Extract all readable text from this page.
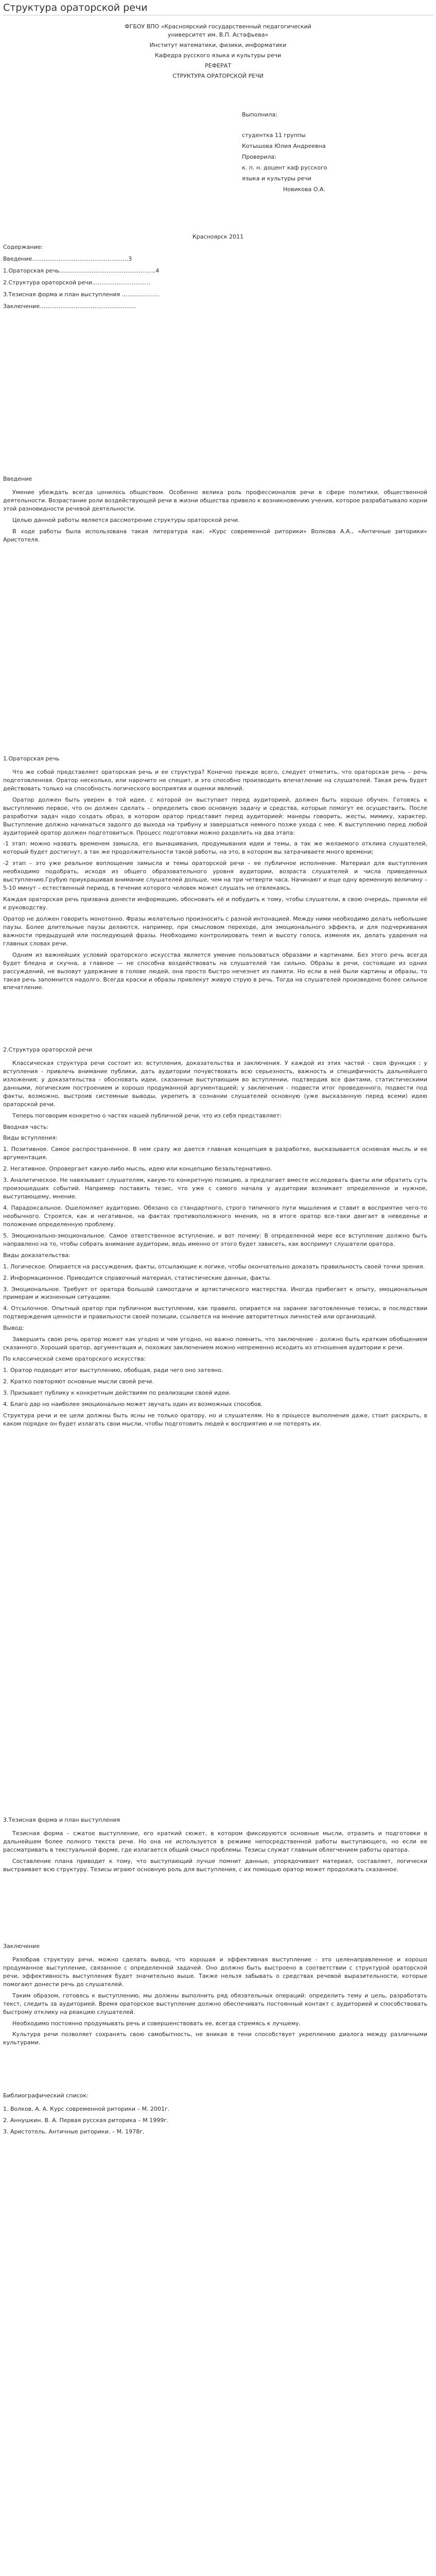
Структура ораторской речи
ФГБОУ ВПО «Красноярский государственный педагогический университет им. В.П. Астафьева»
Институт математики, физики, информатики
Кафедра русского языка и культуры речи
РЕФЕРАТ
СТРУКТУРА ОРАТОРСКОЙ РЕЧИ
Выполнила:
студентка 11 группы
Котышова Юлия Андреевна
Проверила:
к. п. н. доцент каф русского
языка и культуры речи
Новикова О.А.
Красноярск 2011
Содержание:
Введение……………………………………………3
1.Ораторская речь……………………………………………4
2.Структура ораторской речи…………………….……
3.Тезисная форма и план выступления ………………..
Заключение……………………………………………

Введение

Умение убеждать всегда ценилось обществом. Особенно велика роль профессионалов речи в сфере политики, общественной деятельности. Возрастание роли воздействующей речи в жизни общества привело к возникновению учения, которое разрабатывало корни этой разновидности речевой деятельности.

Целью данной работы является рассмотрение структуры ораторской речи.

В ходе работы была использована такая литература как: «Курс современной риторики» Волкова А.А., «Античные риторики» Аристотеля.

1.Ораторская речь

Что же собой представляет ораторская речь и ее структура? Конечно прежде всего, следует отметить, что ораторская речь – речь подготовленная. Оратор несколько, или нарочито не спешит, и это способно производить впечатление на слушателей. Такая речь будет действовать только на способность логического восприятия и оценки явлений.

Оратор должен быть уверен в той идее, с которой он выступает перед аудиторией, должен быть хорошо обучен. Готовясь к выступлению первое, что он должен сделать – определить свою основную задачу и средства, которые помогут ее осуществить. После разработки задач надо создать образ, в котором оратор представит перед аудиторией: манеры говорить, жесты, мимику, характер. Выступление должно начинаться задолго до выхода на трибуну и завершаться немного позже ухода с нее. К выступлению перед любой аудиторией оратор должен подготовиться. Процесс подготовки можно разделить на два этапа:

-1 этап: можно назвать временем замысла, его вынашивания, продумывания идеи и темы, а так же желаемого отклика слушателей, который будет достигнут, а так же продолжительности такой работы, на это, в котором вы затрачиваете много времени;

-2 этап – это уже реальное воплощение замысла и темы ораторской речи – ее публичное исполнение. Материал для выступления необходимо подобрать, исходя из общего образовательного уровня аудитории, возраста слушателей и числа приведенных выступлению.Грубую приукрашивая внимание слушателей дольше, чем на три четверти часа. Начинают и еще одну временную величину – 5-10 минут – естественный период, в течение которого человек может слушать не отвлекаясь.

Каждая ораторская речь призвана донести информацию, обосновать её и побудить к тому, чтобы слушатели, в свою очередь, приняли её к руководству.

Оратор не должен говорить монотонно. Фразы желательно произносить с разной интонацией. Между ними необходимо делать небольшие паузы. Более длительные паузы делаются, например, при смысловом переходе, для эмоционального эффекта, и для подчеркивания важности предыдущей или последующей фразы. Необходимо контролировать темп и высоту голоса, изменяя их, делать ударения на главных словах речи.

Одним из важнейших условий ораторского искусства является умение пользоваться образами и картинами. Без этого речь всегда будет бледна и скучна, а главное — не способна воздействовать на слушателей так сильно. Образы в речи, состоящие из одних рассуждений, не вызовут удержание в голове людей, она просто быстро нечезнет из памяти. Но если в ней были картины и образы, то такая речь запомнится надолго. Всегда краски и образы привлекут живую струю в речь. Тогда на слушателей произведено более сильное впечатление.

2.Структура ораторской речи

Классическая структура речи состоит из: вступления, доказательства и заключения. У каждой из этих частей - своя функция : у вступления - привлечь внимание публики, дать аудитории почувствовать всю серьезность, важность и специфичность дальнейшего изложения; у доказательства - обосновать идеи, сказанные выступающим во вступлении, подтвердив все фактами, статистическими данными, логическим построением и хорошо продуманной аргументацией; у заключения - подвести итог проведенного, подвести под факты, возможно, выстроив системные выводы, укрепить в сознании слушателей основную (уже высказанную перед всеми) идею ораторской речи.

Теперь поговорим конкретно о частях нашей публичной речи, что из себя представляет:

Вводная часть:

Виды вступления:

1. Позитивное. Самое распространенное. В нем сразу же дается главная концепция в разработке, высказывается основная мысль и ее аргументация.

2. Негативное. Опровергает какую-либо мысль, идею или концепцию безальтернативно.

3. Аналитическое. Не навязывает слушателям, какую-то конкретную позицию, а предлагает вместе исследовать факты или обратить суть произошедших событий. Например поставить тезис, что уже с самого начала у аудитории возникает определенное и нужное, выступающему, мнение.

4. Парадоксальное. Ошеломляет аудиторию. Обязано со стандартного, строго типичного пути мышления и ставит в восприятие чего-то необычного. Строятся, как и негативное, на фактах противоположного мнения, но в итоге оратор все-таки двигает в неведенье и положение определенную проблему.

5. Эмоционально-эмоциональное. Самое ответственное вступление, и вот почему: В определенной мере все вступление должно быть направлено на то, чтобы собрать внимание аудитории, ведь именно от этого будет зависеть, как воспримут слушатели оратора.

Виды доказательства:

1. Логическое. Опирается на рассуждения, факты, отсылающие к логике, чтобы окончательно доказать правильность своей точки зрения.

2. Информационное. Приводится справочный материал, статистические данные, факты.

3. Эмоциональное. Требует от оратора большой самоотдачи и артистического мастерства. Иногда прибегает к опыту, эмоциональным примерам и жизненным ситуациям.

4. Отсылочное. Опытный оратор при публичном выступлении, как правило, опирается на заранее заготовленные тезисы, в последствии подтверждения ценности и правильности своей позиции, ссылается на мнение авторитетных личностей или организаций.

Вывод:

Завершить свою речь оратор может как угодно и чем угодно, но важно помнить, что заключение - должно быть кратким обобщением сказанного. Хороший оратор, аргументация и, похожих заключением можно непременно исходить из отношения аудитории к речи.

По классической схеме ораторского искусства:

1. Оратор подводит итог выступлению, обобщая, ради чего оно затеяно.

2. Кратко повторяют основные мысли своей речи.

3. Призывает публику к конкретным действиям по реализации своей идеи.

4. Благо дар но наиболее эмоционально может звучать один из возможных способов.

Структура речи и ее цели должны быть ясны не только оратору, но и слушателям. Но в процессе выполнения даже, стоит раскрыть, в каком порядке он будет излагать свои мысли, чтобы подготовить людей к восприятию и не потерять их.

3.Тезисная форма и план выступления

Тезисная форма – сжатое выступление, его краткий сюжет, в котором фиксируются основные мысли, отразить и подготовки в дальнейшем более полного текста речи. Но она не используется в режиме непосредственной работы выступающего, но если ее рассматривать в текстуальной форме, где излагается общий смысл проблемы. Тезисы служат главным облегчением работы оратора.

Составление плана приводит к тому, что выступающий лучше помнит данные, упорядочивает материал, составляет, логически выстраивает всю структуру. Тезисы играют основную роль для выступления, с их помощью оратор может продолжать сказанное.

Заключение

Разобрав структуру речи, можно сделать вывод, что хорошая и эффективная выступление - это целенаправленное и хорошо продуманное выступление, связанное с определенной задачей. Оно должно быть выстроено в соответствии с структурой ораторской речи, эффективность выступления будет значительно выше. Также нельзя забывать о средствах речевой выразительности, которые помогают донести речь до слушателей.

Таким образом, готовясь к выступлению, мы должны выполнить ряд обязательных операций: определить тему и цель, разработать текст, следить за аудиторией. Время ораторское выступление должно обеспечивать постоянный контакт с аудиторией и способствовать быстрому отклику на реакцию слушателей.

Необходимо постоянно продумывать речь и совершенствовать ее, всегда стремясь к лучшему.

Культура речи позволяет сохранять свою самобытность, не вникая в тени способствует укреплению диалога между различными культурами.

Библиографический список:

1. Волков, А. А. Курс современной риторики – М. 2001г.

2. Аннушкин. В. А. Первая русская риторика – М 1999г.

3. Аристотель. Античные риторики. – М. 1978г.
